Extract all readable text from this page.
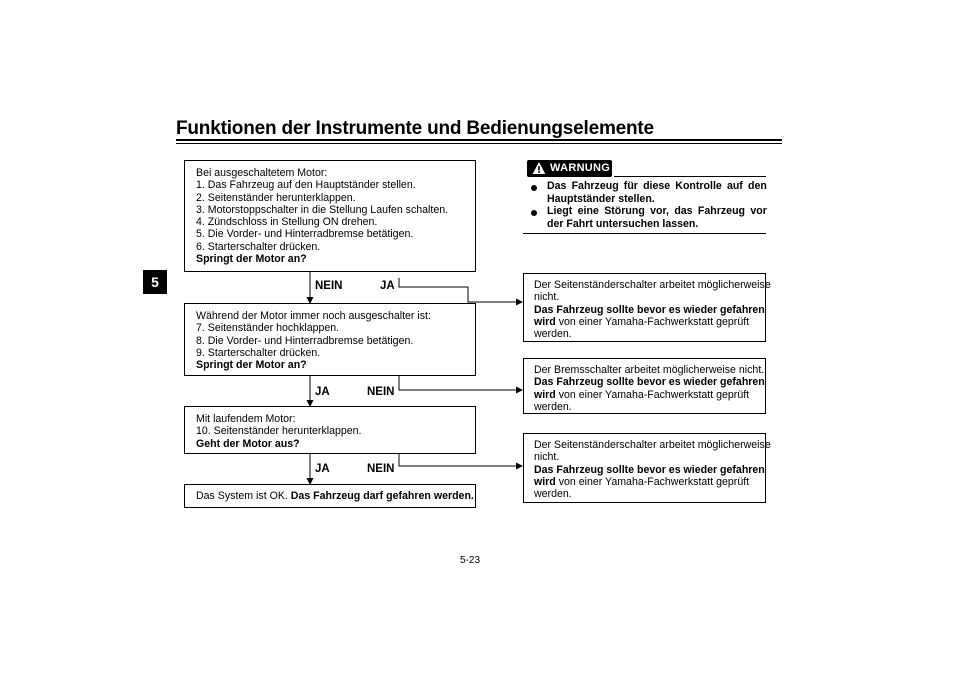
Funktionen der Instrumente und Bedienungselemente
5
Bei ausgeschaltetem Motor:
1. Das Fahrzeug auf den Hauptständer stellen.
2. Seitenständer herunterklappen.
3. Motorstoppschalter in die Stellung Laufen schalten.
4. Zündschloss in Stellung ON drehen.
5. Die Vorder- und Hinterradbremse betätigen.
6. Starterschalter drücken.
Springt der Motor an?
NEIN	JA
Während der Motor immer noch ausgeschalter ist:
7. Seitenständer hochklappen.
8. Die Vorder- und Hinterradbremse betätigen.
9. Starterschalter drücken.
Springt der Motor an?
JA	NEIN
Mit laufendem Motor:
10. Seitenständer herunterklappen.
Geht der Motor aus?
JA	NEIN
Das System ist OK. Das Fahrzeug darf gefahren werden.
WARNUNG
Das Fahrzeug für diese Kontrolle auf den
Hauptständer stellen.
Liegt eine Störung vor, das Fahrzeug vor
der Fahrt untersuchen lassen.
Der Seitenständerschalter arbeitet möglicherweise
nicht.
Das Fahrzeug sollte bevor es wieder gefahren
wird von einer Yamaha-Fachwerkstatt geprüft
werden.
Der Bremsschalter arbeitet möglicherweise nicht.
Das Fahrzeug sollte bevor es wieder gefahren
wird von einer Yamaha-Fachwerkstatt geprüft
werden.
Der Seitenständerschalter arbeitet möglicherweise
nicht.
Das Fahrzeug sollte bevor es wieder gefahren
wird von einer Yamaha-Fachwerkstatt geprüft
werden.
5-23
